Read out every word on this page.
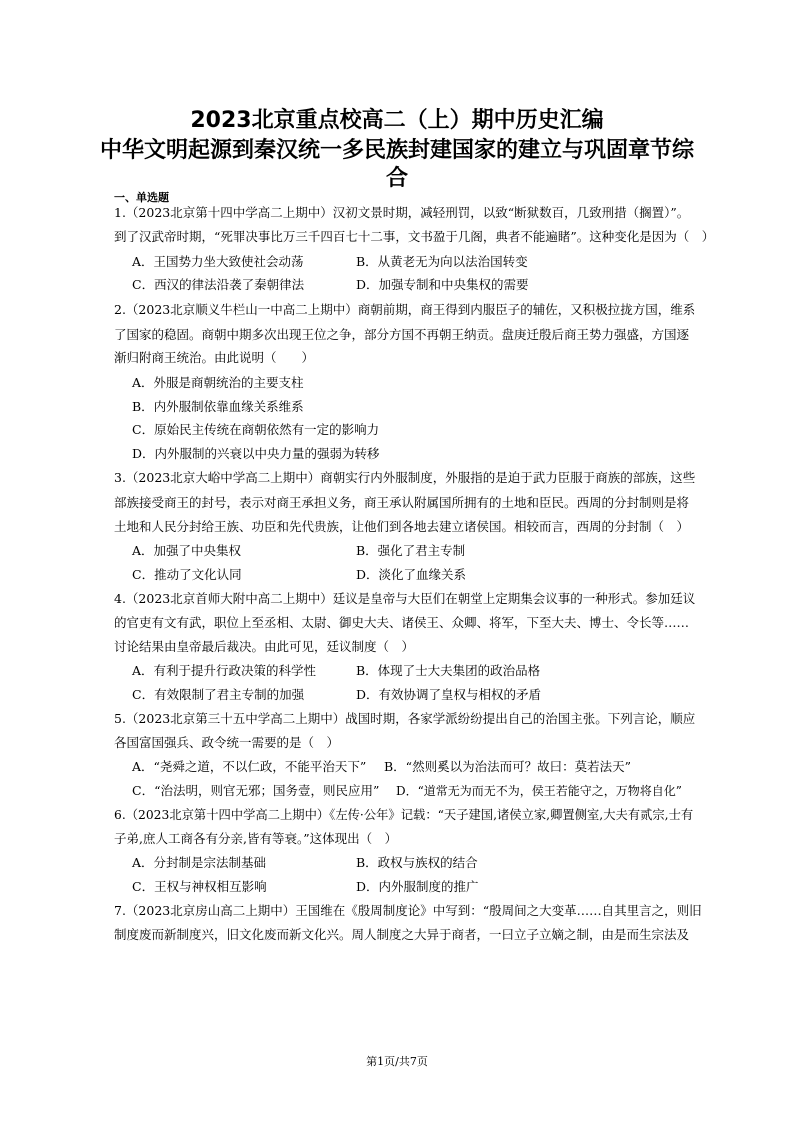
2023北京重点校高二（上）期中历史汇编
中华文明起源到秦汉统一多民族封建国家的建立与巩固章节综
合
一、单选题
1.（2023北京第十四中学高二上期中）汉初文景时期，减轻刑罚，以致“断狱数百，几致刑措（搁置）”。
到了汉武帝时期，“死罪决事比万三千四百七十二事，文书盈于几阁，典者不能遍睹”。这种变化是因为（　）
A．王国势力坐大致使社会动荡	B．从黄老无为向以法治国转变
C．西汉的律法沿袭了秦朝律法	D．加强专制和中央集权的需要
2.（2023北京顺义牛栏山一中高二上期中）商朝前期，商王得到内服臣子的辅佐，又积极拉拢方国，维系
了国家的稳固。商朝中期多次出现王位之争，部分方国不再朝王纳贡。盘庚迁殷后商王势力强盛，方国逐
渐归附商王统治。由此说明（　　）
A．外服是商朝统治的主要支柱
B．内外服制依靠血缘关系维系
C．原始民主传统在商朝依然有一定的影响力
D．内外服制的兴衰以中央力量的强弱为转移
3.（2023北京大峪中学高二上期中）商朝实行内外服制度，外服指的是迫于武力臣服于商族的部族，这些
部族接受商王的封号，表示对商王承担义务，商王承认附属国所拥有的土地和臣民。西周的分封制则是将
土地和人民分封给王族、功臣和先代贵族，让他们到各地去建立诸侯国。相较而言，西周的分封制（　）
A．加强了中央集权	B．强化了君主专制
C．推动了文化认同	D．淡化了血缘关系
4.（2023北京首师大附中高二上期中）廷议是皇帝与大臣们在朝堂上定期集会议事的一种形式。参加廷议
的官吏有文有武，职位上至丞相、太尉、御史大夫、诸侯王、众卿、将军，下至大夫、博士、令长等……
讨论结果由皇帝最后裁决。由此可见，廷议制度（　）
A．有利于提升行政决策的科学性	B．体现了士大夫集团的政治品格
C．有效限制了君主专制的加强	D．有效协调了皇权与相权的矛盾
5.（2023北京第三十五中学高二上期中）战国时期，各家学派纷纷提出自己的治国主张。下列言论，顺应
各国富国强兵、政令统一需要的是（　）
A．“尧舜之道，不以仁政，不能平治天下” B．“然则奚以为治法而可？故曰：莫若法天”
C．“治法明，则官无邪；国务壹，则民应用” D．“道常无为而无不为，侯王若能守之，万物将自化”
6.（2023北京第十四中学高二上期中）《左传·公年》记载：“天子建国,诸侯立家,卿置侧室,大夫有贰宗,士有
子弟,庶人工商各有分亲,皆有等衰。”这体现出（　）
A．分封制是宗法制基础	B．政权与族权的结合
C．王权与神权相互影响	D．内外服制度的推广
7.（2023北京房山高二上期中）王国维在《殷周制度论》中写到：“殷周间之大变革……自其里言之，则旧
制度废而新制度兴，旧文化废而新文化兴。周人制度之大异于商者，一曰立子立嫡之制，由是而生宗法及
第1页/共7页
